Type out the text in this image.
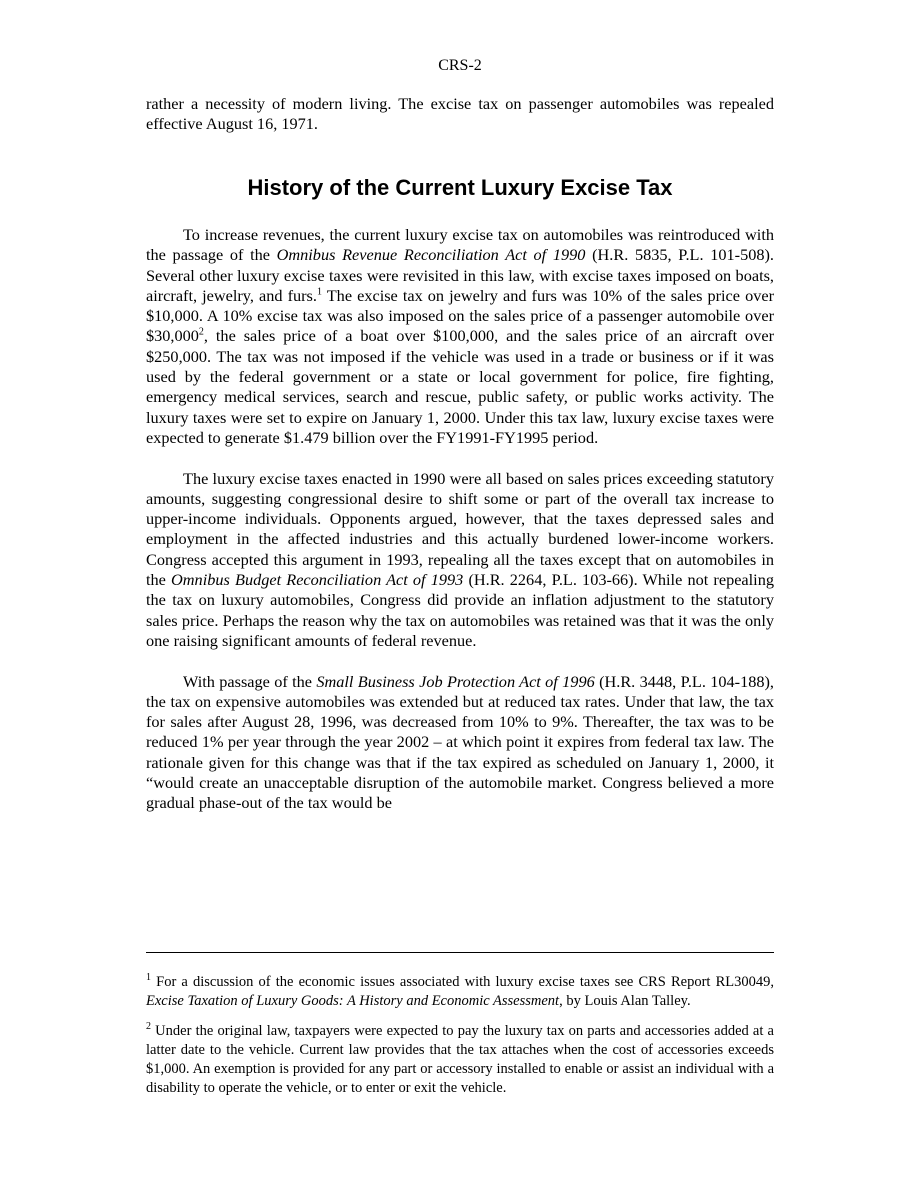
CRS-2

rather a necessity of modern living. The excise tax on passenger automobiles was repealed effective August 16, 1971.

History of the Current Luxury Excise Tax

To increase revenues, the current luxury excise tax on automobiles was reintroduced with the passage of the Omnibus Revenue Reconciliation Act of 1990 (H.R. 5835, P.L. 101-508). Several other luxury excise taxes were revisited in this law, with excise taxes imposed on boats, aircraft, jewelry, and furs.$^1$ The excise tax on jewelry and furs was 10% of the sales price over $10,000. A 10% excise tax was also imposed on the sales price of a passenger automobile over $30,000$^2$, the sales price of a boat over $100,000, and the sales price of an aircraft over $250,000. The tax was not imposed if the vehicle was used in a trade or business or if it was used by the federal government or a state or local government for police, fire fighting, emergency medical services, search and rescue, public safety, or public works activity. The luxury taxes were set to expire on January 1, 2000. Under this tax law, luxury excise taxes were expected to generate $1.479 billion over the FY1991-FY1995 period.

The luxury excise taxes enacted in 1990 were all based on sales prices exceeding statutory amounts, suggesting congressional desire to shift some or part of the overall tax increase to upper-income individuals. Opponents argued, however, that the taxes depressed sales and employment in the affected industries and this actually burdened lower-income workers. Congress accepted this argument in 1993, repealing all the taxes except that on automobiles in the Omnibus Budget Reconciliation Act of 1993 (H.R. 2264, P.L. 103-66). While not repealing the tax on luxury automobiles, Congress did provide an inflation adjustment to the statutory sales price. Perhaps the reason why the tax on automobiles was retained was that it was the only one raising significant amounts of federal revenue.

With passage of the Small Business Job Protection Act of 1996 (H.R. 3448, P.L. 104-188), the tax on expensive automobiles was extended but at reduced tax rates. Under that law, the tax for sales after August 28, 1996, was decreased from 10% to 9%. Thereafter, the tax was to be reduced 1% per year through the year 2002 – at which point it expires from federal tax law. The rationale given for this change was that if the tax expired as scheduled on January 1, 2000, it “would create an unacceptable disruption of the automobile market. Congress believed a more gradual phase-out of the tax would be

$^1$ For a discussion of the economic issues associated with luxury excise taxes see CRS Report RL30049, Excise Taxation of Luxury Goods: A History and Economic Assessment, by Louis Alan Talley.

$^2$ Under the original law, taxpayers were expected to pay the luxury tax on parts and accessories added at a latter date to the vehicle. Current law provides that the tax attaches when the cost of accessories exceeds $1,000. An exemption is provided for any part or accessory installed to enable or assist an individual with a disability to operate the vehicle, or to enter or exit the vehicle.
